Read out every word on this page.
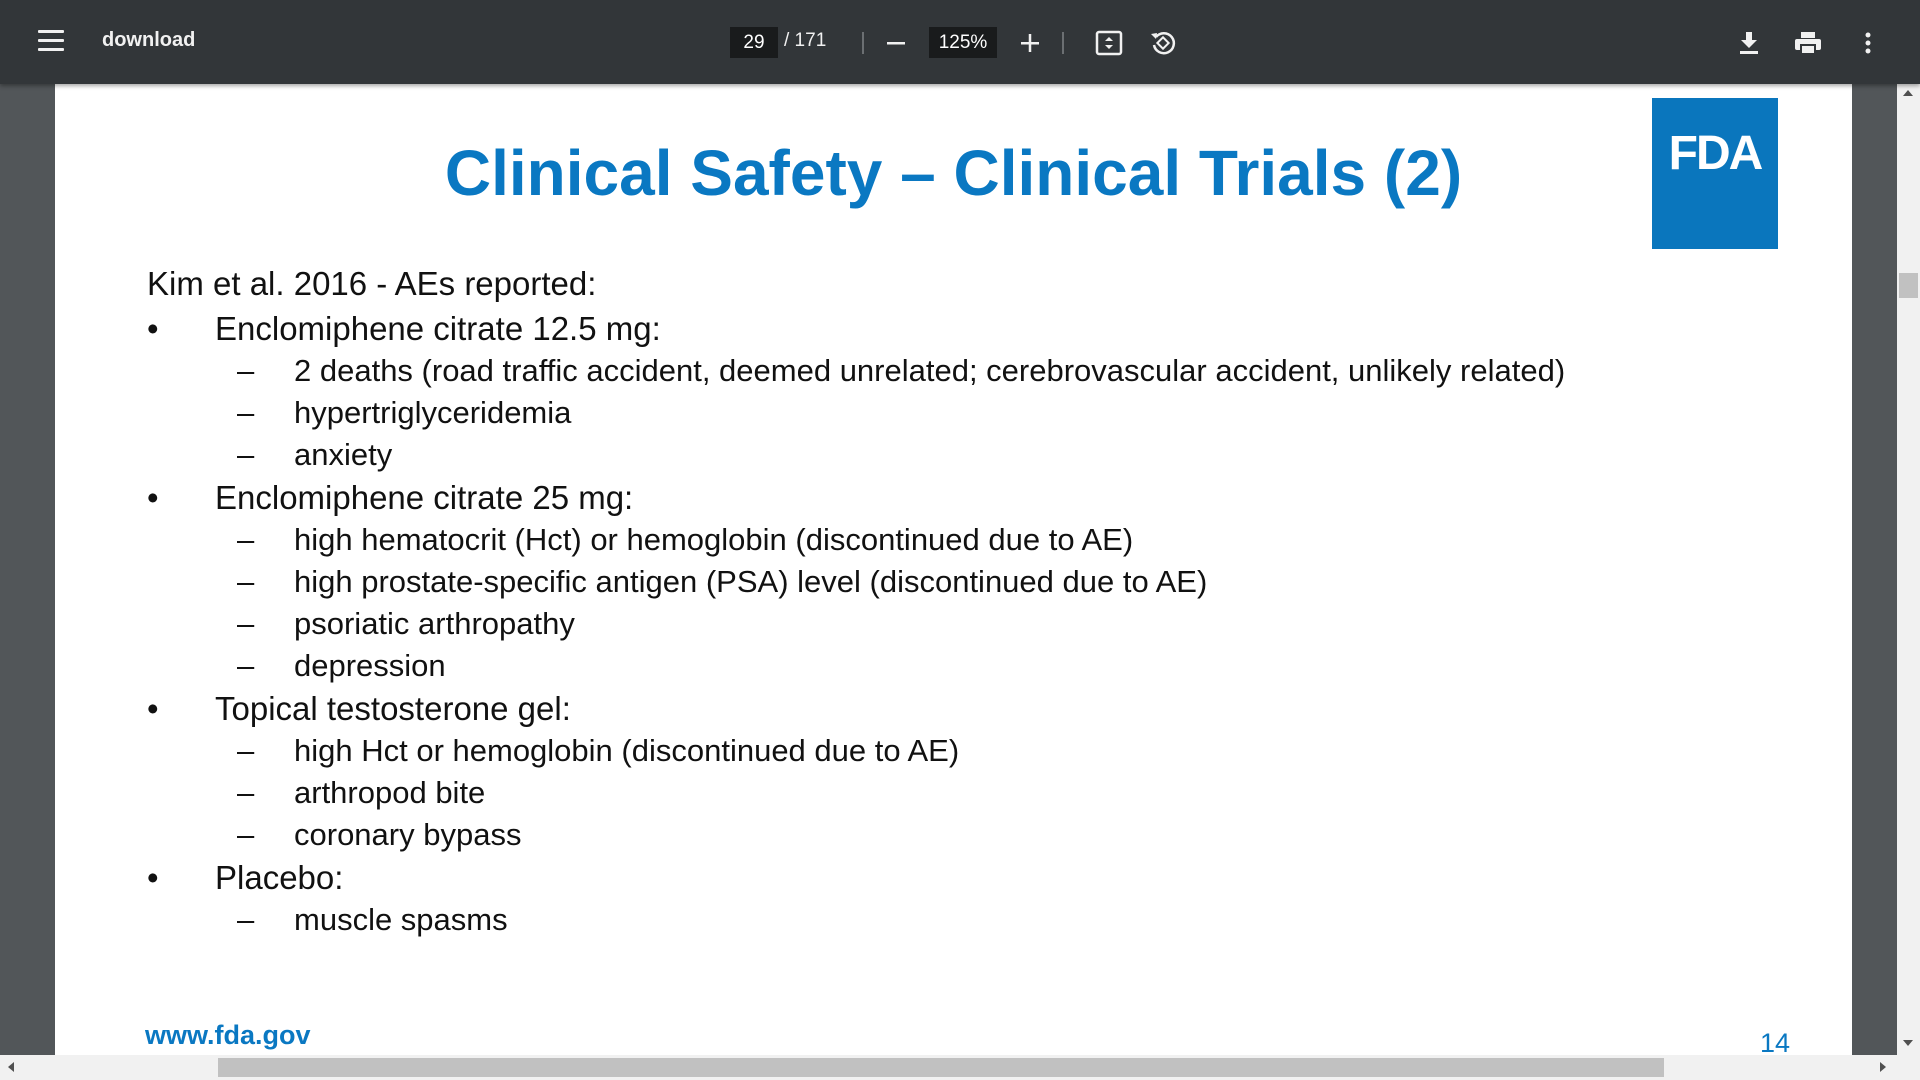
download
29	/ 171
125%
Clinical Safety – Clinical Trials (2)	FDA
Kim et al. 2016 - AEs reported:
• Enclomiphene citrate 12.5 mg:
– 2 deaths (road traffic accident, deemed unrelated; cerebrovascular accident, unlikely related)
– hypertriglyceridemia
– anxiety
• Enclomiphene citrate 25 mg:
– high hematocrit (Hct) or hemoglobin (discontinued due to AE)
– high prostate-specific antigen (PSA) level (discontinued due to AE)
– psoriatic arthropathy
– depression
• Topical testosterone gel:
– high Hct or hemoglobin (discontinued due to AE)
– arthropod bite
– coronary bypass
• Placebo:
– muscle spasms
www.fda.gov	14
